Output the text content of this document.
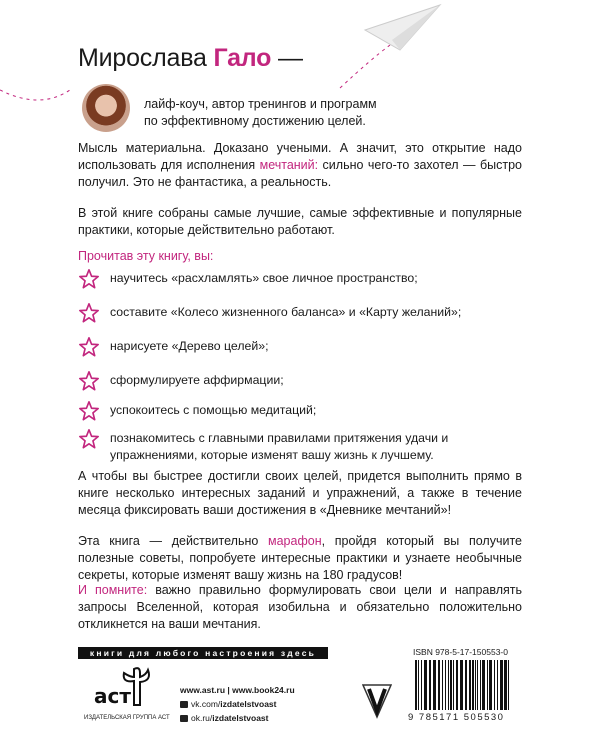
Мирослава Гало —
лайф-коуч, автор тренингов и программ
по эффективному достижению целей.
Мысль материальна. Доказано учеными. А значит, это открытие надо использовать для исполнения мечтаний: сильно чего-то захотел — быстро получил. Это не фантастика, а реальность.
В этой книге собраны самые лучшие, самые эффективные и популярные практики, которые действительно работают.
Прочитав эту книгу, вы:
научитесь «расхламлять» свое личное пространство;
составите «Колесо жизненного баланса» и «Карту желаний»;
нарисуете «Дерево целей»;
сформулируете аффирмации;
успокоитесь с помощью медитаций;
познакомитесь с главными правилами притяжения удачи и упражнениями, которые изменят вашу жизнь к лучшему.
А чтобы вы быстрее достигли своих целей, придется выполнить прямо в книге несколько интересных заданий и упражнений, а также в течение месяца фиксировать ваши достижения в «Дневнике мечтаний»!
Эта книга — действительно марафон, пройдя который вы получите полезные советы, попробуете интересные практики и узнаете необычные секреты, которые изменят вашу жизнь на 180 градусов!
И помните: важно правильно формулировать свои цели и направлять запросы Вселенной, которая изобильна и обязательно положительно откликнется на ваши мечтания.
книги для любого настроения здесь
аст
ИЗДАТЕЛЬСКАЯ ГРУППА АСТ
www.ast.ru | www.book24.ru
vk.com/izdatelstvoast
ok.ru/izdatelstvoast
ISBN 978-5-17-150553-0
9 785171 505530
